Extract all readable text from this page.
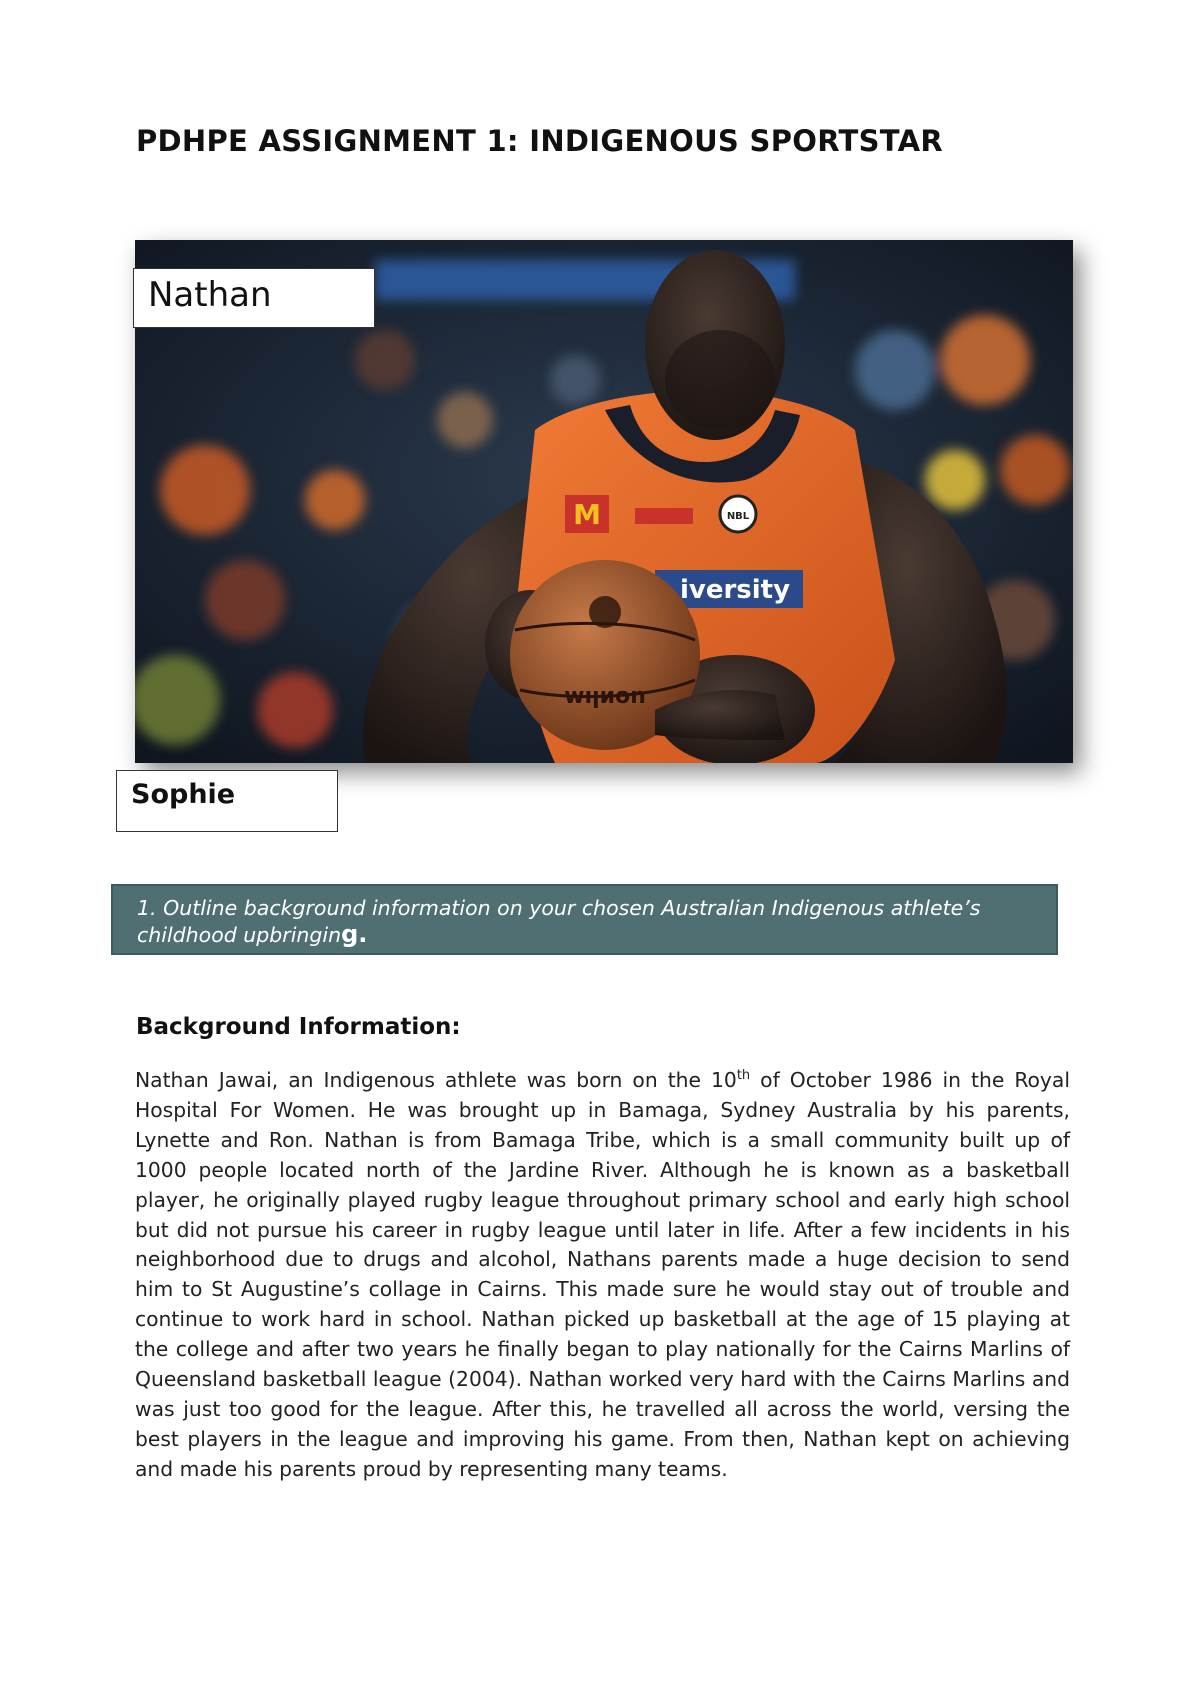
PDHPE ASSIGNMENT 1: INDIGENOUS SPORTSTAR
M	NBL
iversity
uoᴎlıʍ
Nathan
Sophie
1. Outline background information on your chosen Australian Indigenous athlete’s childhood upbringing.
Background Information:

Nathan Jawai, an Indigenous athlete was born on the 10th of October 1986 in the Royal Hospital For Women. He was brought up in Bamaga, Sydney Australia by his parents, Lynette and Ron. Nathan is from Bamaga Tribe, which is a small community built up of 1000 people located north of the Jardine River. Although he is known as a basketball player, he originally played rugby league throughout primary school and early high school but did not pursue his career in rugby league until later in life. After a few incidents in his neighborhood due to drugs and alcohol, Nathans parents made a huge decision to send him to St Augustine’s collage in Cairns. This made sure he would stay out of trouble and continue to work hard in school. Nathan picked up basketball at the age of 15 playing at the college and after two years he finally began to play nationally for the Cairns Marlins of Queensland basketball league (2004). Nathan worked very hard with the Cairns Marlins and was just too good for the league. After this, he travelled all across the world, versing the best players in the league and improving his game. From then, Nathan kept on achieving and made his parents proud by representing many teams.
